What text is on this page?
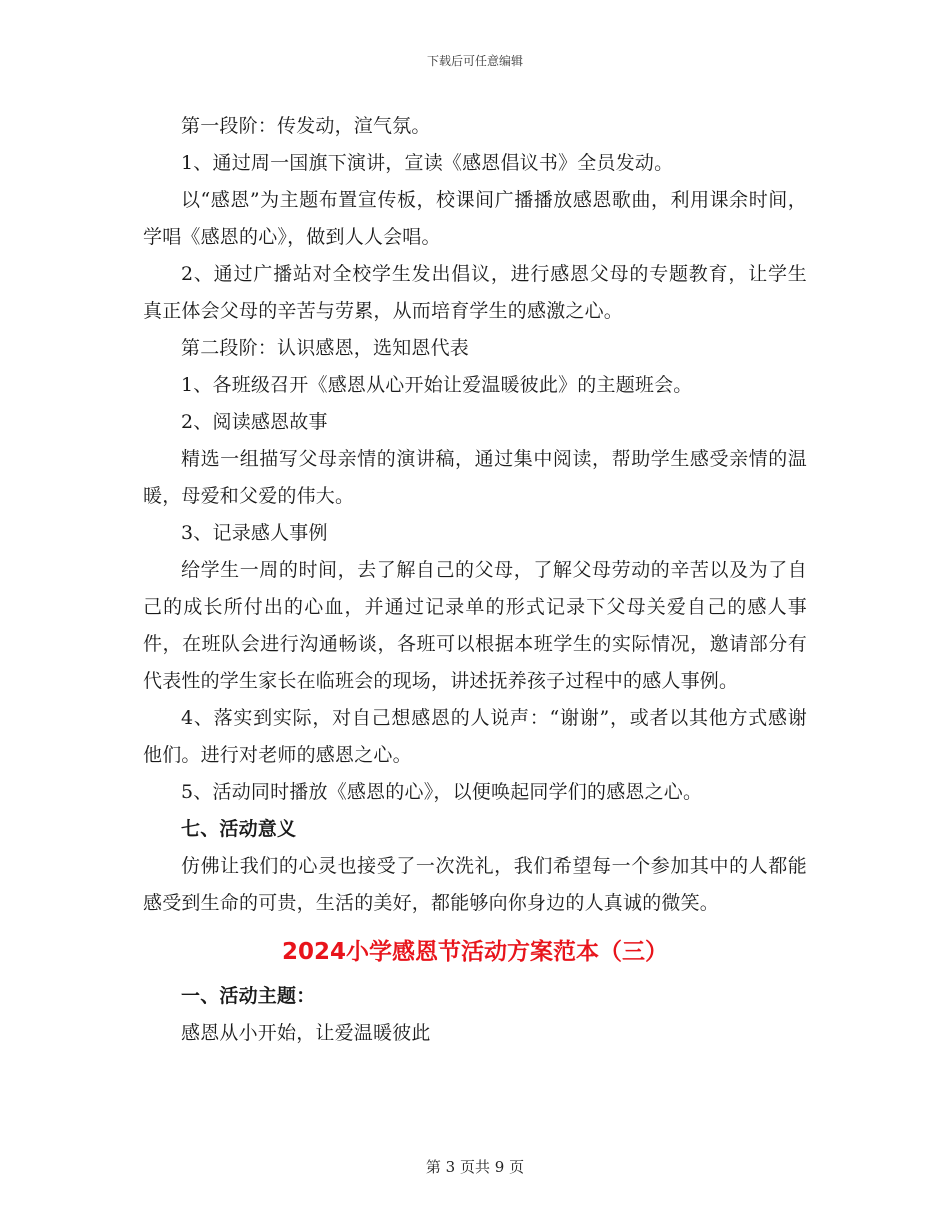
下载后可任意编辑

第一段阶：传发动，渲气氛。

1、通过周一国旗下演讲，宣读《感恩倡议书》全员发动。

以“感恩”为主题布置宣传板，校课间广播播放感恩歌曲，利用课余时间，学唱《感恩的心》，做到人人会唱。

2、通过广播站对全校学生发出倡议，进行感恩父母的专题教育，让学生真正体会父母的辛苦与劳累，从而培育学生的感激之心。

第二段阶：认识感恩，选知恩代表

1、各班级召开《感恩从心开始让爱温暖彼此》的主题班会。

2、阅读感恩故事

精选一组描写父母亲情的演讲稿，通过集中阅读，帮助学生感受亲情的温暖，母爱和父爱的伟大。

3、记录感人事例

给学生一周的时间，去了解自己的父母，了解父母劳动的辛苦以及为了自己的成长所付出的心血，并通过记录单的形式记录下父母关爱自己的感人事件，在班队会进行沟通畅谈，各班可以根据本班学生的实际情况，邀请部分有代表性的学生家长在临班会的现场，讲述抚养孩子过程中的感人事例。

4、落实到实际，对自己想感恩的人说声：“谢谢”，或者以其他方式感谢他们。进行对老师的感恩之心。

5、活动同时播放《感恩的心》，以便唤起同学们的感恩之心。

七、活动意义

仿佛让我们的心灵也接受了一次洗礼，我们希望每一个参加其中的人都能感受到生命的可贵，生活的美好，都能够向你身边的人真诚的微笑。

2024小学感恩节活动方案范本（三）

一、活动主题：

感恩从小开始，让爱温暖彼此

第 3 页共 9 页
